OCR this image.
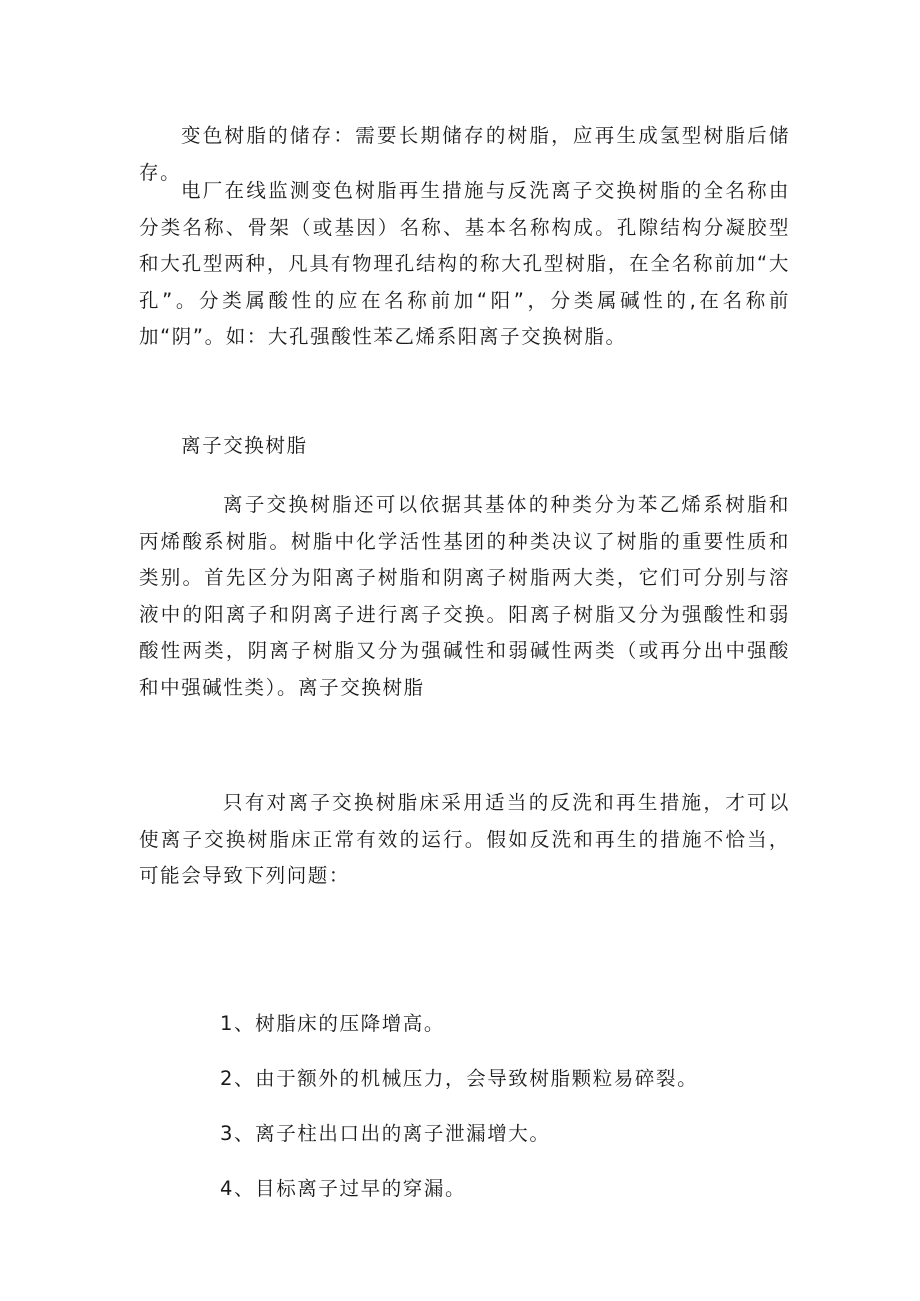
变色树脂的储存：需要长期储存的树脂，应再生成氢型树脂后储存。

电厂在线监测变色树脂再生措施与反洗离子交换树脂的全名称由分类名称、骨架（或基因）名称、基本名称构成。孔隙结构分凝胶型和大孔型两种，凡具有物理孔结构的称大孔型树脂，在全名称前加“大孔”。分类属酸性的应在名称前加“阳”，分类属碱性的,在名称前加“阴”。如：大孔强酸性苯乙烯系阳离子交换树脂。

离子交换树脂

离子交换树脂还可以依据其基体的种类分为苯乙烯系树脂和丙烯酸系树脂。树脂中化学活性基团的种类决议了树脂的重要性质和类别。首先区分为阳离子树脂和阴离子树脂两大类，它们可分别与溶液中的阳离子和阴离子进行离子交换。阳离子树脂又分为强酸性和弱酸性两类，阴离子树脂又分为强碱性和弱碱性两类（或再分出中强酸和中强碱性类）。离子交换树脂

只有对离子交换树脂床采用适当的反洗和再生措施，才可以使离子交换树脂床正常有效的运行。假如反洗和再生的措施不恰当，可能会导致下列问题：

1、树脂床的压降增高。

2、由于额外的机械压力，会导致树脂颗粒易碎裂。

3、离子柱出口出的离子泄漏增大。

4、目标离子过早的穿漏。
